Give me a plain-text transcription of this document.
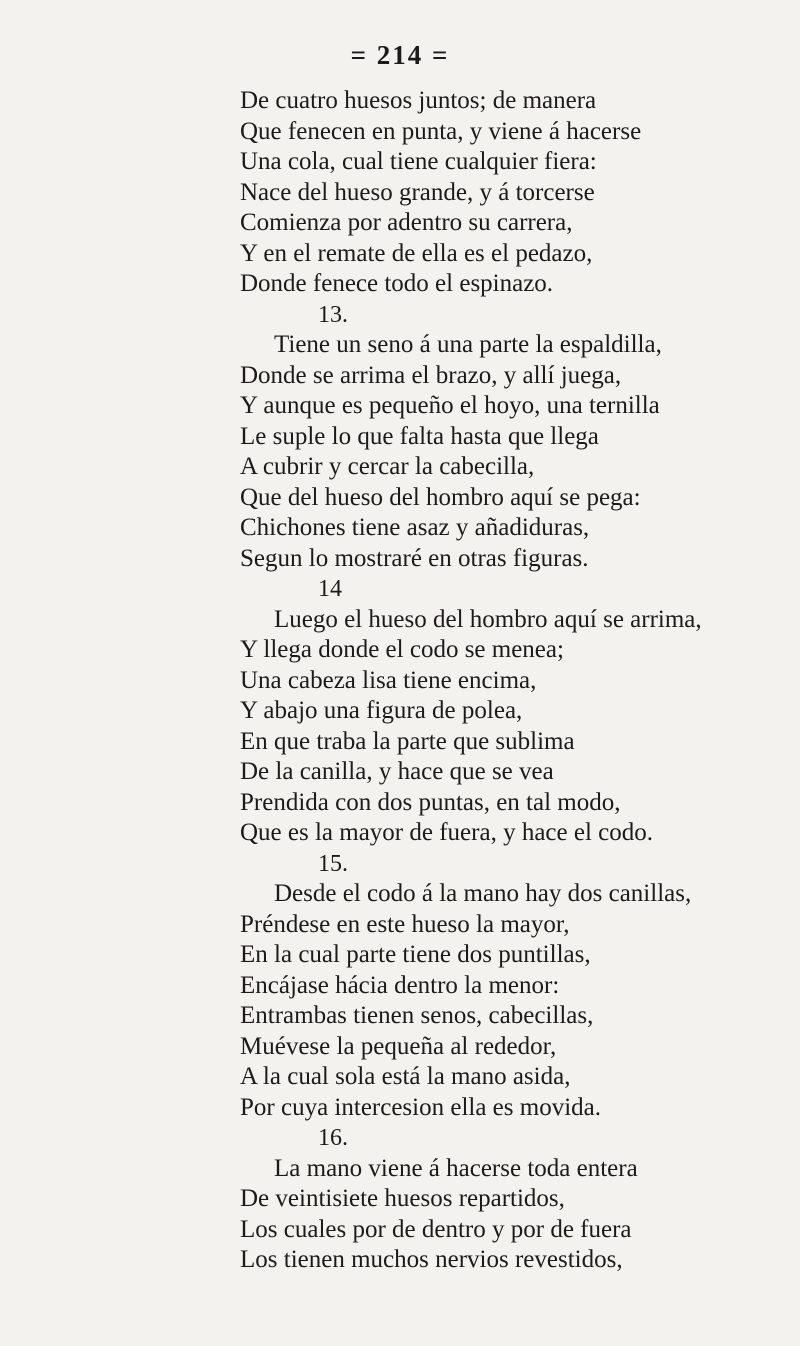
= 214 =
De cuatro huesos juntos; de manera
Que fenecen en punta, y viene á hacerse
Una cola, cual tiene cualquier fiera:
Nace del hueso grande, y á torcerse
Comienza por adentro su carrera,
Y en el remate de ella es el pedazo,
Donde fenece todo el espinazo.
13.
Tiene un seno á una parte la espaldilla,
Donde se arrima el brazo, y allí juega,
Y aunque es pequeño el hoyo, una ternilla
Le suple lo que falta hasta que llega
A cubrir y cercar la cabecilla,
Que del hueso del hombro aquí se pega:
Chichones tiene asaz y añadiduras,
Segun lo mostraré en otras figuras.
14
Luego el hueso del hombro aquí se arrima,
Y llega donde el codo se menea;
Una cabeza lisa tiene encima,
Y abajo una figura de polea,
En que traba la parte que sublima
De la canilla, y hace que se vea
Prendida con dos puntas, en tal modo,
Que es la mayor de fuera, y hace el codo.
15.
Desde el codo á la mano hay dos canillas,
Préndese en este hueso la mayor,
En la cual parte tiene dos puntillas,
Encájase hácia dentro la menor:
Entrambas tienen senos, cabecillas,
Muévese la pequeña al rededor,
A la cual sola está la mano asida,
Por cuya intercesion ella es movida.
16.
La mano viene á hacerse toda entera
De veintisiete huesos repartidos,
Los cuales por de dentro y por de fuera
Los tienen muchos nervios revestidos,
